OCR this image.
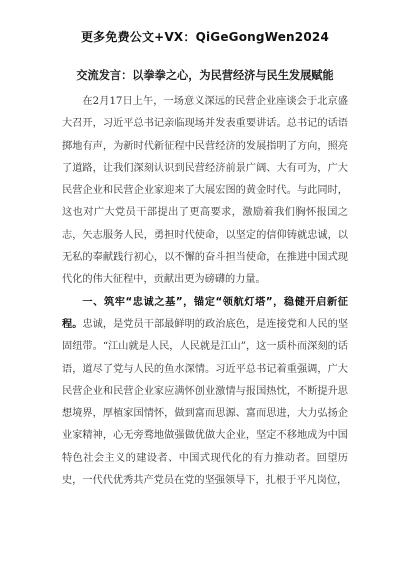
更多免费公文+VX：QiGeGongWen2024
交流发言：以拳拳之心，为民营经济与民生发展赋能

在2月17日上午，一场意义深远的民营企业座谈会于北京盛大召开，习近平总书记亲临现场并发表重要讲话。总书记的话语掷地有声，为新时代新征程中民营经济的发展指明了方向，照亮了道路，让我们深刻认识到民营经济前景广阔、大有可为，广大民营企业和民营企业家迎来了大展宏图的黄金时代。与此同时，这也对广大党员干部提出了更高要求，激励着我们胸怀报国之志，矢志服务人民，勇担时代使命，以坚定的信仰铸就忠诚，以无私的奉献践行初心，以不懈的奋斗担当使命，在推进中国式现代化的伟大征程中，贡献出更为磅礴的力量。

一、筑牢“忠诚之基”，锚定“领航灯塔”，稳健开启新征程。忠诚，是党员干部最鲜明的政治底色，是连接党和人民的坚固纽带。“江山就是人民，人民就是江山”，这一质朴而深刻的话语，道尽了党与人民的鱼水深情。习近平总书记着重强调，广大民营企业和民营企业家应满怀创业激情与报国热忱，不断提升思想境界，厚植家国情怀，做到富而思源、富而思进，大力弘扬企业家精神，心无旁骛地做强做优做大企业，坚定不移地成为中国特色社会主义的建设者、中国式现代化的有力推动者。回望历史，一代代优秀共产党员在党的坚强领导下，扎根于平凡岗位，
